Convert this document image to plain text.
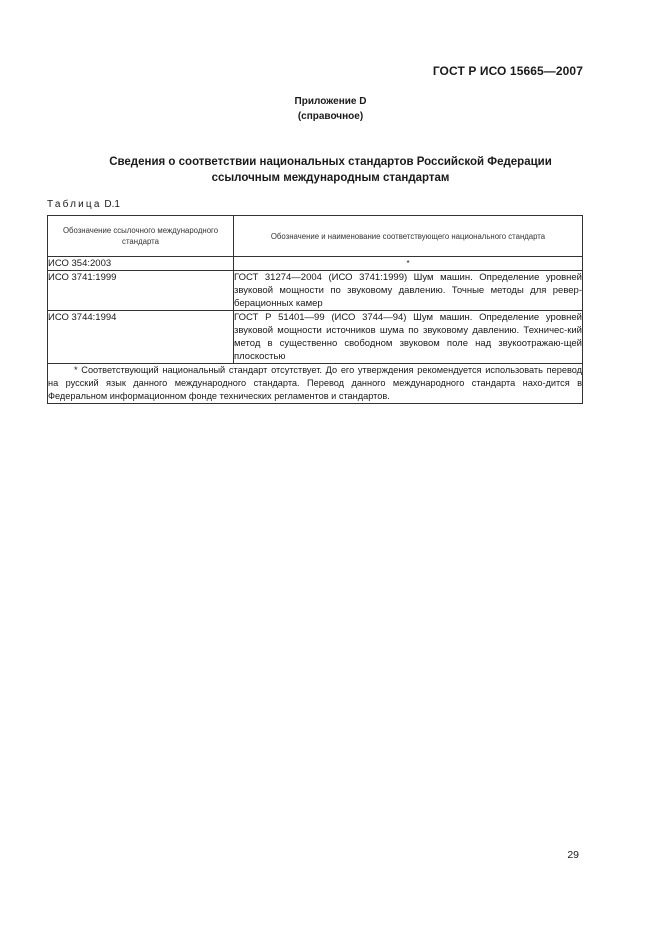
ГОСТ Р ИСО 15665—2007
Приложение D
(справочное)
Сведения о соответствии национальных стандартов Российской Федерации
ссылочным международным стандартам
Таблица D.1
Обозначение ссылочного международного стандарта	Обозначение и наименование соответствующего национального стандарта
ИСО 354:2003	*
ИСО 3741:1999	ГОСТ 31274—2004 (ИСО 3741:1999) Шум машин. Определение уровней звуковой мощности по звуковому давлению. Точные методы для ревер-берационных камер
ИСО 3744:1994	ГОСТ Р 51401—99 (ИСО 3744—94) Шум машин. Определение уровней звуковой мощности источников шума по звуковому давлению. Техничес-кий метод в существенно свободном звуковом поле над звукоотражаю-щей плоскостью
* Соответствующий национальный стандарт отсутствует. До его утверждения рекомендуется использовать перевод на русский язык данного международного стандарта. Перевод данного международного стандарта нахо-дится в Федеральном информационном фонде технических регламентов и стандартов.	
29
